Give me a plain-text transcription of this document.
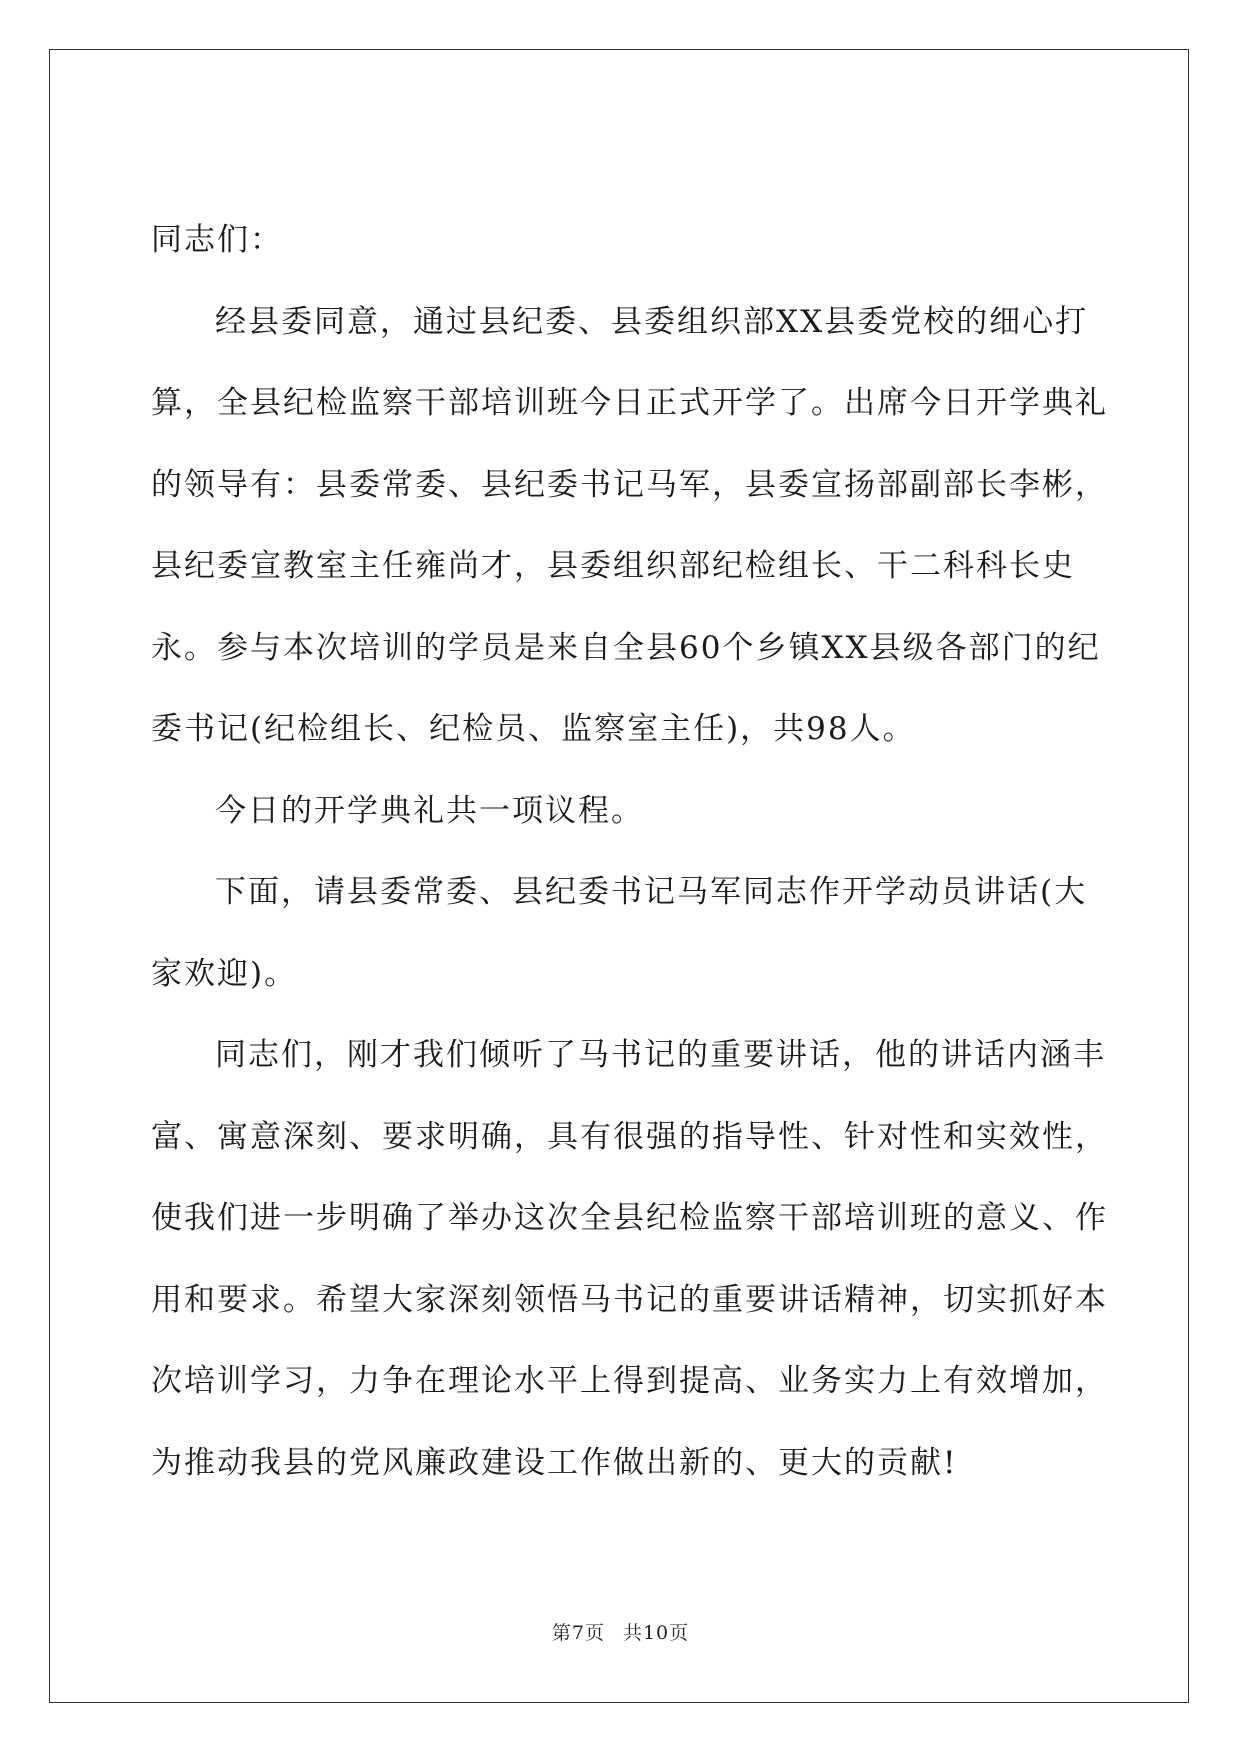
同志们：

经县委同意，通过县纪委、县委组织部XX县委党校的细心打算，全县纪检监察干部培训班今日正式开学了。出席今日开学典礼的领导有：县委常委、县纪委书记马军，县委宣扬部副部长李彬，县纪委宣教室主任雍尚才，县委组织部纪检组长、干二科科长史永。参与本次培训的学员是来自全县60个乡镇XX县级各部门的纪委书记(纪检组长、纪检员、监察室主任)，共98人。

今日的开学典礼共一项议程。

下面，请县委常委、县纪委书记马军同志作开学动员讲话(大家欢迎)。

同志们，刚才我们倾听了马书记的重要讲话，他的讲话内涵丰富、寓意深刻、要求明确，具有很强的指导性、针对性和实效性，使我们进一步明确了举办这次全县纪检监察干部培训班的意义、作用和要求。希望大家深刻领悟马书记的重要讲话精神，切实抓好本次培训学习，力争在理论水平上得到提高、业务实力上有效增加，为推动我县的党风廉政建设工作做出新的、更大的贡献!

第7页 共10页
